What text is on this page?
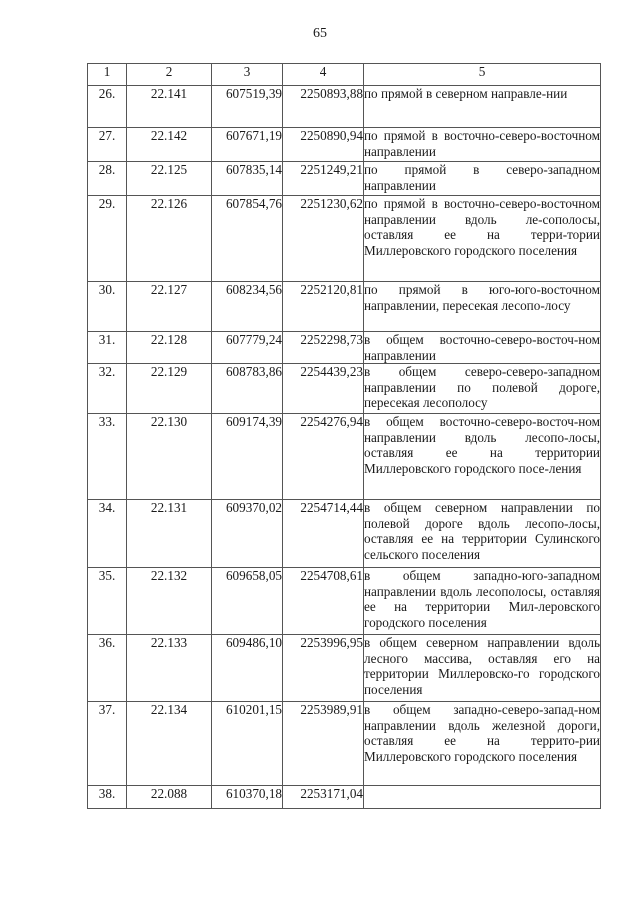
65
1	2	3	4	5
26.	22.141	607519,39	2250893,88	по прямой в северном направле-нии
27.	22.142	607671,19	2250890,94	по прямой в восточно-северо-восточном направлении
28.	22.125	607835,14	2251249,21	по прямой в северо-западном направлении
29.	22.126	607854,76	2251230,62	по прямой в восточно-северо-восточном направлении вдоль ле-сополосы, оставляя ее на терри-тории Миллеровского городского поселения
30.	22.127	608234,56	2252120,81	по прямой в юго-юго-восточном направлении, пересекая лесопо-лосу
31.	22.128	607779,24	2252298,73	в общем восточно-северо-восточ-ном направлении
32.	22.129	608783,86	2254439,23	в общем северо-северо-западном направлении по полевой дороге, пересекая лесополосу
33.	22.130	609174,39	2254276,94	в общем восточно-северо-восточ-ном направлении вдоль лесопо-лосы, оставляя ее на территории Миллеровского городского посе-ления
34.	22.131	609370,02	2254714,44	в общем северном направлении по полевой дороге вдоль лесопо-лосы, оставляя ее на территории Сулинского сельского поселения
35.	22.132	609658,05	2254708,61	в общем западно-юго-западном направлении вдоль лесополосы, оставляя ее на территории Мил-леровского городского поселения
36.	22.133	609486,10	2253996,95	в общем северном направлении вдоль лесного массива, оставляя его на территории Миллеровско-го городского поселения
37.	22.134	610201,15	2253989,91	в общем западно-северо-запад-ном направлении вдоль железной дороги, оставляя ее на террито-рии Миллеровского городского поселения
38.	22.088	610370,18	2253171,04	
